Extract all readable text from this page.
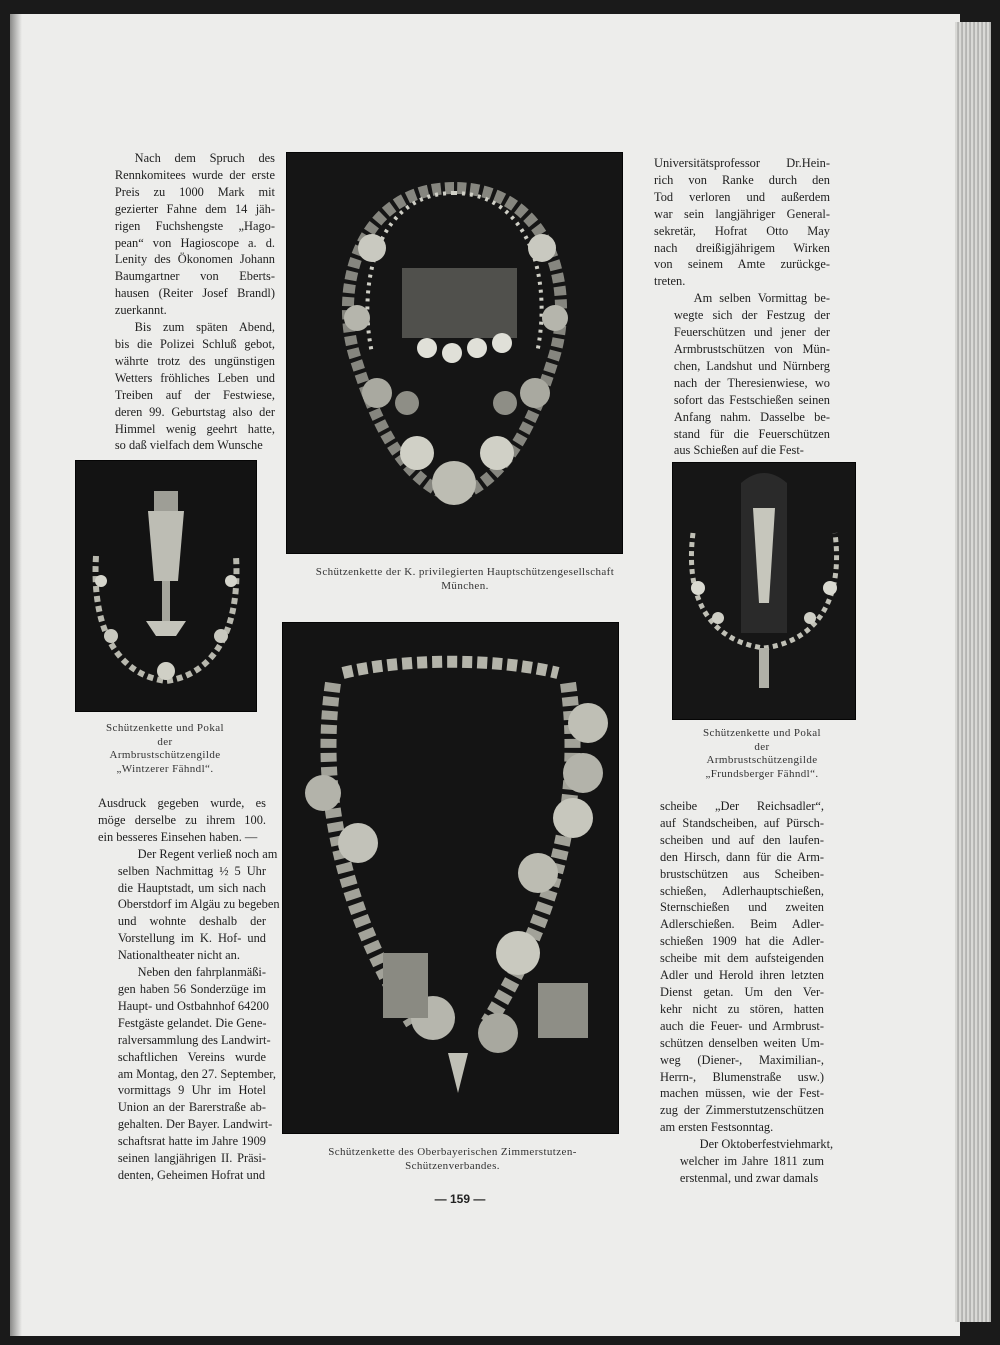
Nach dem Spruch des
Rennkomitees wurde der erste
Preis zu 1000 Mark mit
gezierter Fahne dem 14 jäh-
rigen Fuchshengste „Hago-
pean“ von Hagioscope a. d.
Lenity des Ökonomen Johann
Baumgartner von Eberts-
hausen (Reiter Josef Brandl)
zuerkannt.

Bis zum späten Abend,
bis die Polizei Schluß gebot,
währte trotz des ungünstigen
Wetters fröhliches Leben und
Treiben auf der Festwiese,
deren 99. Geburtstag also der
Himmel wenig geehrt hatte,
so daß vielfach dem Wunsche

Universitätsprofessor Dr.Hein-
rich von Ranke durch den
Tod verloren und außerdem
war sein langjähriger General-
sekretär, Hofrat Otto May
nach dreißigjährigem Wirken
von seinem Amte zurückge-
treten.

Am selben Vormittag be-
wegte sich der Festzug der
Feuerschützen und jener der
Armbrustschützen von Mün-
chen, Landshut und Nürnberg
nach der Theresienwiese, wo
sofort das Festschießen seinen
Anfang nahm. Dasselbe be-
stand für die Feuerschützen
aus Schießen auf die Fest-

Ausdruck gegeben wurde, es
möge derselbe zu ihrem 100.
ein besseres Einsehen haben. —

Der Regent verließ noch am
selben Nachmittag ½ 5 Uhr
die Hauptstadt, um sich nach
Oberstdorf im Algäu zu begeben
und wohnte deshalb der
Vorstellung im K. Hof- und
Nationaltheater nicht an.

Neben den fahrplanmäßi-
gen haben 56 Sonderzüge im
Haupt- und Ostbahnhof 64200
Festgäste gelandet. Die Gene-
ralversammlung des Landwirt-
schaftlichen Vereins wurde
am Montag, den 27. September,
vormittags 9 Uhr im Hotel
Union an der Barerstraße ab-
gehalten. Der Bayer. Landwirt-
schaftsrat hatte im Jahre 1909
seinen langjährigen II. Präsi-
denten, Geheimen Hofrat und

scheibe „Der Reichsadler“,
auf Standscheiben, auf Pürsch-
scheiben und auf den laufen-
den Hirsch, dann für die Arm-
brustschützen aus Scheiben-
schießen, Adlerhauptschießen,
Sternschießen und zweiten
Adlerschießen. Beim Adler-
schießen 1909 hat die Adler-
scheibe mit dem aufsteigenden
Adler und Herold ihren letzten
Dienst getan. Um den Ver-
kehr nicht zu stören, hatten
auch die Feuer- und Armbrust-
schützen denselben weiten Um-
weg (Diener-, Maximilian-,
Herrn-, Blumenstraße usw.)
machen müssen, wie der Fest-
zug der Zimmerstutzenschützen
am ersten Festsonntag.

Der Oktoberfestviehmarkt,
welcher im Jahre 1811 zum
erstenmal, und zwar damals

Schützenkette der K. privilegierten Hauptschützengesellschaft
München.
Schützenkette und Pokal
der
Armbrustschützengilde
„Wintzerer Fähndl“.
Schützenkette und Pokal
der
Armbrustschützengilde
„Frundsberger Fähndl“.
Schützenkette des Oberbayerischen Zimmerstutzen-
Schützenverbandes.
— 159 —
